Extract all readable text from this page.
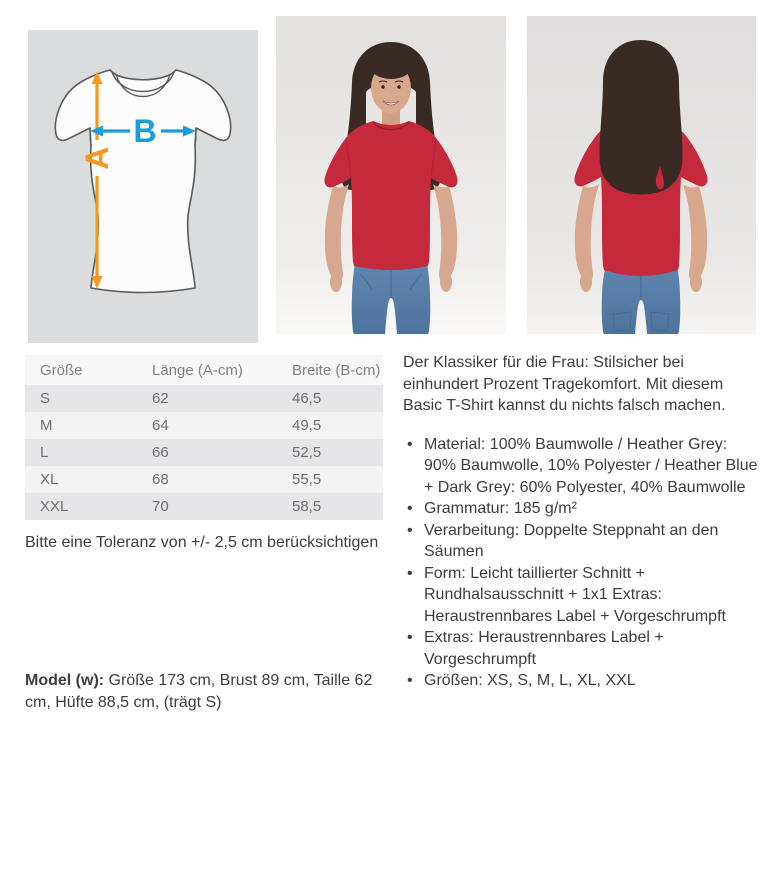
A
B
Größe	Länge (A-cm)	Breite (B-cm)
S	62	46,5
M	64	49,5
L	66	52,5
XL	68	55,5
XXL	70	58,5
Bitte eine Toleranz von +/- 2,5 cm berücksichtigen
Model (w): Größe 173 cm, Brust 89 cm, Taille 62 cm, Hüfte 88,5 cm, (trägt S)

Der Klassiker für die Frau: Stilsicher bei einhundert Prozent Tragekomfort. Mit diesem Basic T-Shirt kannst du nichts falsch machen.

• Material: 100% Baumwolle / Heather Grey: 90% Baumwolle, 10% Polyester / Heather Blue + Dark Grey: 60% Polyester, 40% Baumwolle
• Grammatur: 185 g/m²
• Verarbeitung: Doppelte Steppnaht an den Säumen
• Form: Leicht taillierter Schnitt + Rundhalsausschnitt + 1x1 Extras: Heraustrennbares Label + Vorgeschrumpft
• Extras: Heraustrennbares Label + Vorgeschrumpft
• Größen: XS, S, M, L, XL, XXL
